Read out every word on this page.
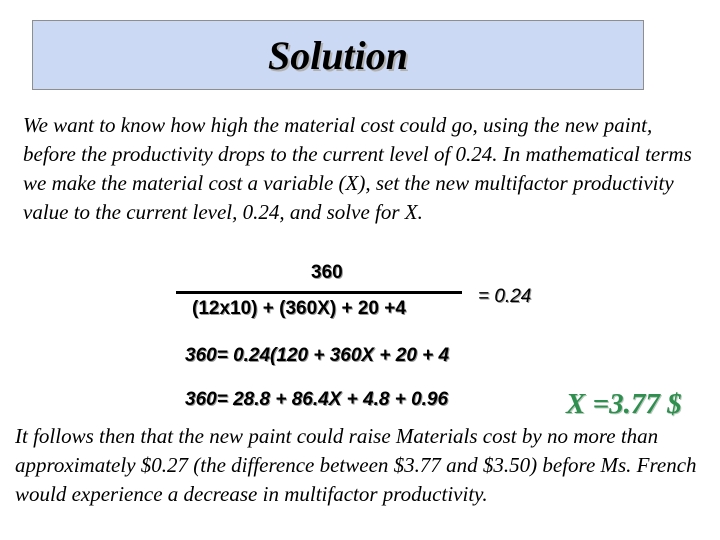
Solution

We want to know how high the material cost could go, using the new paint, before the productivity drops to the current level of 0.24. In mathematical terms we make the material cost a variable (X), set the new multifactor productivity value to the current level, 0.24, and solve for X.

360
(12x10) + (360X) + 20 +4
= 0.24
360= 0.24(120 + 360X + 20 + 4
360= 28.8 + 86.4X + 4.8 + 0.96	X =3.77 $

It follows then that the new paint could raise Materials cost by no more than approximately $0.27 (the difference between $3.77 and $3.50) before Ms. French would experience a decrease in multifactor productivity.
